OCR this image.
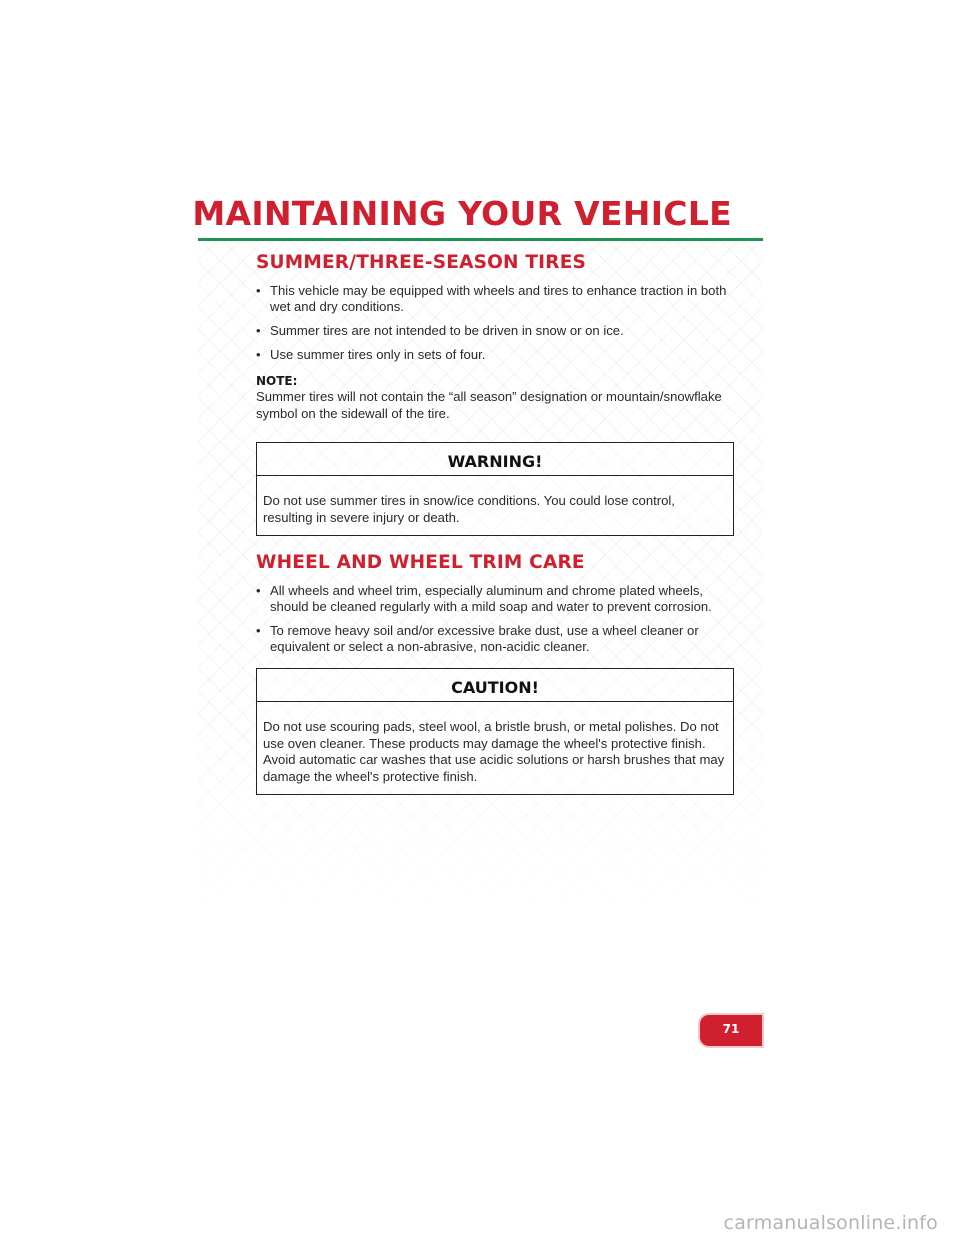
MAINTAINING YOUR VEHICLE
SUMMER/THREE-SEASON TIRES
• This vehicle may be equipped with wheels and tires to enhance traction in both
wet and dry conditions.
• Summer tires are not intended to be driven in snow or on ice.
• Use summer tires only in sets of four.
NOTE:
Summer tires will not contain the “all season” designation or mountain/snowflake symbol on the sidewall of the tire.
WARNING!
Do not use summer tires in snow/ice conditions. You could lose control, resulting in severe injury or death.
WHEEL AND WHEEL TRIM CARE
• All wheels and wheel trim, especially aluminum and chrome plated wheels,
should be cleaned regularly with a mild soap and water to prevent corrosion.
• To remove heavy soil and/or excessive brake dust, use a wheel cleaner or
equivalent or select a non-abrasive, non-acidic cleaner.
CAUTION!
Do not use scouring pads, steel wool, a bristle brush, or metal polishes. Do not use oven cleaner. These products may damage the wheel's protective finish. Avoid automatic car washes that use acidic solutions or harsh brushes that may damage the wheel's protective finish.
71
carmanualsonline.info
